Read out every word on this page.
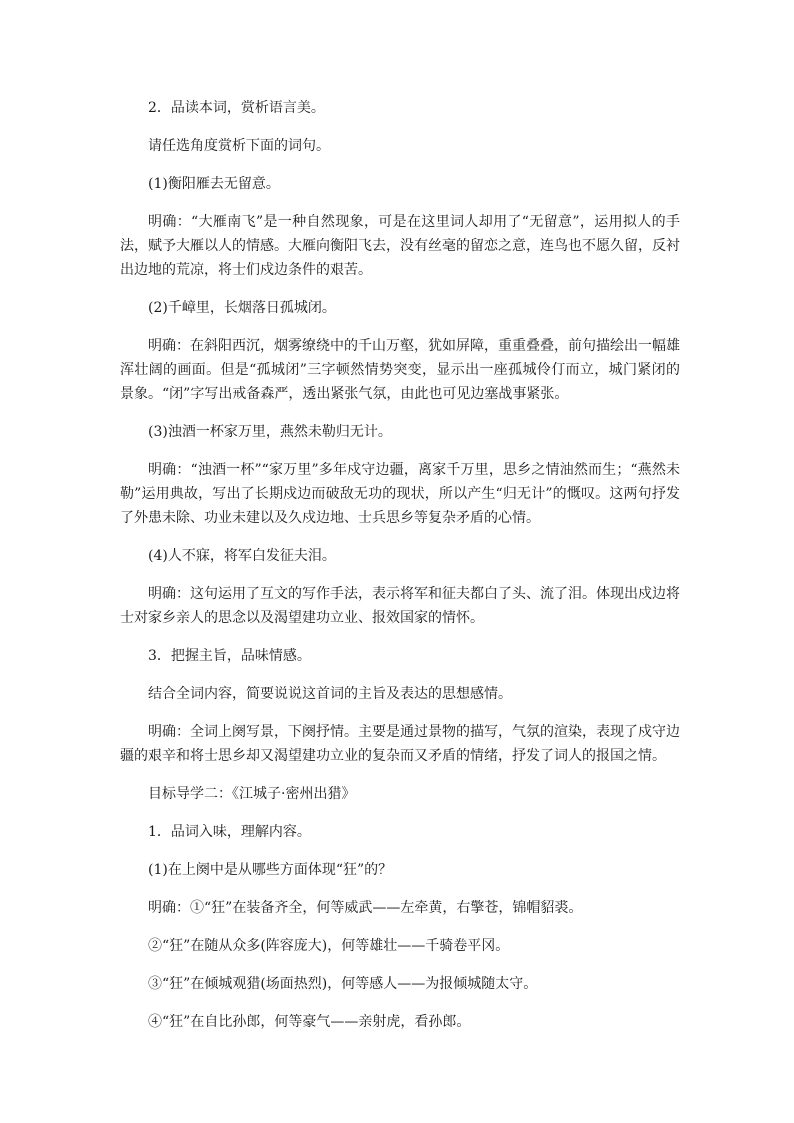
2．品读本词，赏析语言美。

请任选角度赏析下面的词句。

(1)衡阳雁去无留意。

明确：“大雁南飞”是一种自然现象，可是在这里词人却用了“无留意”，运用拟人的手法，赋予大雁以人的情感。大雁向衡阳飞去，没有丝毫的留恋之意，连鸟也不愿久留，反衬出边地的荒凉，将士们戍边条件的艰苦。

(2)千嶂里，长烟落日孤城闭。

明确：在斜阳西沉，烟雾缭绕中的千山万壑，犹如屏障，重重叠叠，前句描绘出一幅雄浑壮阔的画面。但是“孤城闭”三字顿然情势突变，显示出一座孤城伶仃而立，城门紧闭的景象。“闭”字写出戒备森严，透出紧张气氛，由此也可见边塞战事紧张。

(3)浊酒一杯家万里，燕然未勒归无计。

明确：“浊酒一杯”“家万里”多年戍守边疆，离家千万里，思乡之情油然而生；“燕然未勒”运用典故，写出了长期戍边而破敌无功的现状，所以产生“归无计”的慨叹。这两句抒发了外患未除、功业未建以及久戍边地、士兵思乡等复杂矛盾的心情。

(4)人不寐，将军白发征夫泪。

明确：这句运用了互文的写作手法，表示将军和征夫都白了头、流了泪。体现出戍边将士对家乡亲人的思念以及渴望建功立业、报效国家的情怀。

3．把握主旨，品味情感。

结合全词内容，简要说说这首词的主旨及表达的思想感情。

明确：全词上阕写景，下阕抒情。主要是通过景物的描写，气氛的渲染，表现了戍守边疆的艰辛和将士思乡却又渴望建功立业的复杂而又矛盾的情绪，抒发了词人的报国之情。

目标导学二：《江城子·密州出猎》

1．品词入味，理解内容。

(1)在上阕中是从哪些方面体现“狂”的？

明确：①“狂”在装备齐全，何等威武——左牵黄，右擎苍，锦帽貂裘。

②“狂”在随从众多(阵容庞大)，何等雄壮——千骑卷平冈。

③“狂”在倾城观猎(场面热烈)，何等感人——为报倾城随太守。

④“狂”在自比孙郎，何等豪气——亲射虎，看孙郎。
